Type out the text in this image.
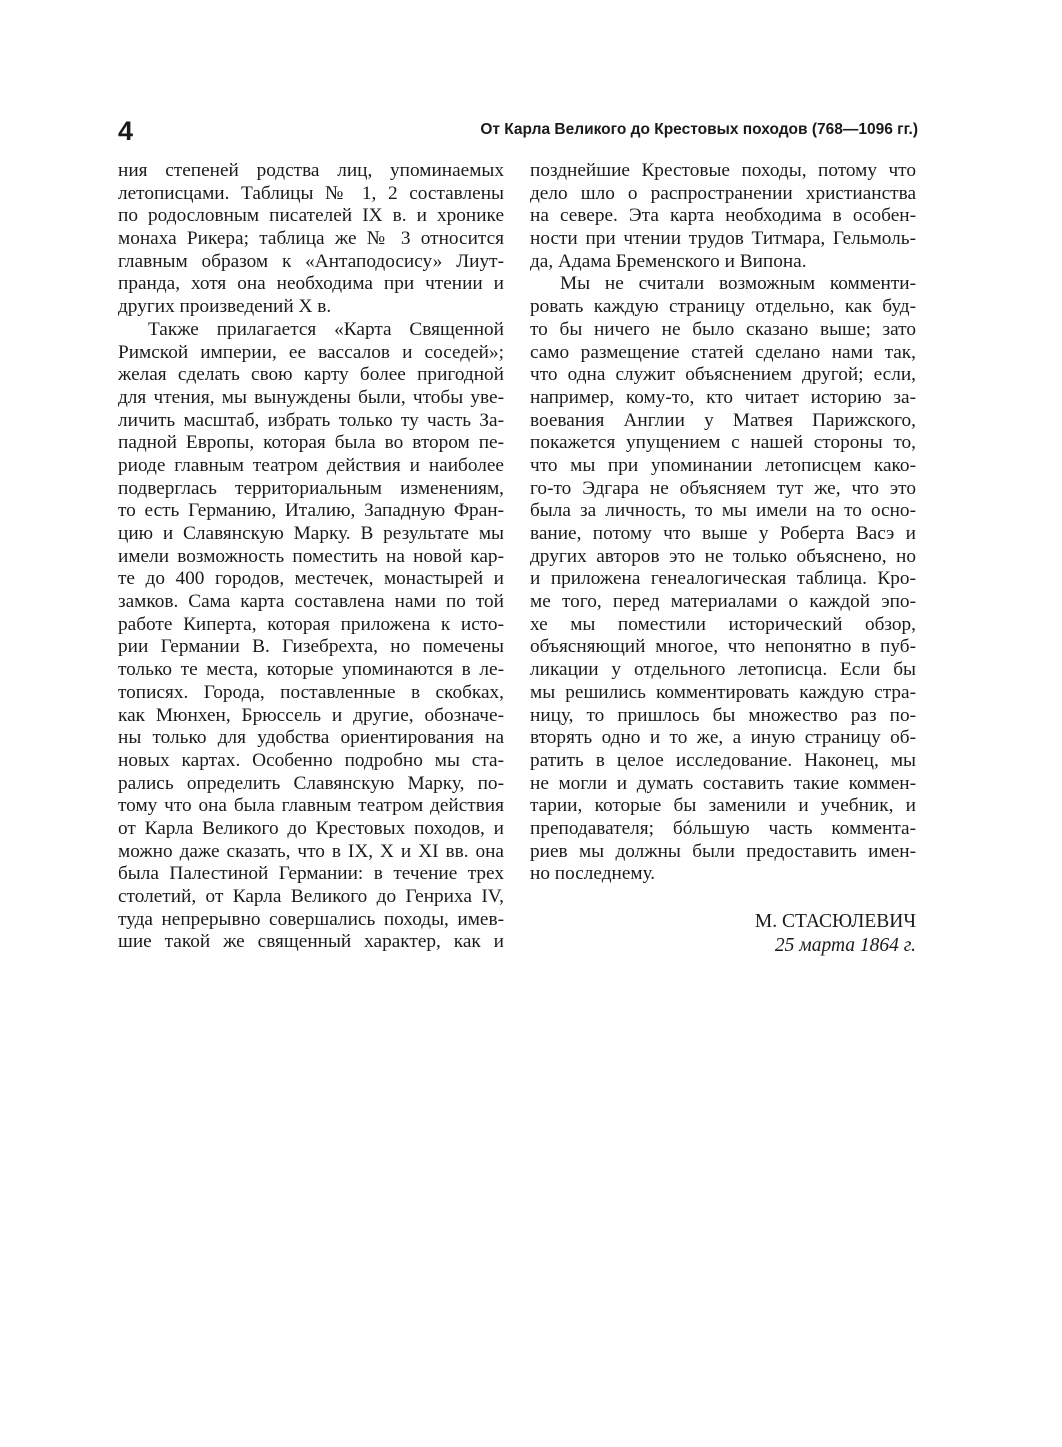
4	От Карла Великого до Крестовых походов (768—1096 гг.)
ния степеней родства лиц, упоминаемых
летописцами. Таблицы № 1, 2 составлены
по родословным писателей IX в. и хронике
монаха Рикера; таблица же № 3 относится
главным образом к «Антаподосису» Лиут-
пранда, хотя она необходима при чтении и
других произведений X в.
Также прилагается «Карта Священной
Римской империи, ее вассалов и соседей»;
желая сделать свою карту более пригодной
для чтения, мы вынуждены были, чтобы уве-
личить масштаб, избрать только ту часть За-
падной Европы, которая была во втором пе-
риоде главным театром действия и наиболее
подверглась территориальным изменениям,
то есть Германию, Италию, Западную Фран-
цию и Славянскую Марку. В результате мы
имели возможность поместить на новой кар-
те до 400 городов, местечек, монастырей и
замков. Сама карта составлена нами по той
работе Киперта, которая приложена к исто-
рии Германии В. Гизебрехта, но помечены
только те места, которые упоминаются в ле-
тописях. Города, поставленные в скобках,
как Мюнхен, Брюссель и другие, обозначе-
ны только для удобства ориентирования на
новых картах. Особенно подробно мы ста-
рались определить Славянскую Марку, по-
тому что она была главным театром действия
от Карла Великого до Крестовых походов, и
можно даже сказать, что в IX, X и XI вв. она
была Палестиной Германии: в течение трех
столетий, от Карла Великого до Генриха IV,
туда непрерывно совершались походы, имев-
шие такой же священный характер, как и
позднейшие Крестовые походы, потому что
дело шло о распространении христианства
на севере. Эта карта необходима в особен-
ности при чтении трудов Титмара, Гельмоль-
да, Адама Бременского и Випона.
Мы не считали возможным комменти-
ровать каждую страницу отдельно, как буд-
то бы ничего не было сказано выше; зато
само размещение статей сделано нами так,
что одна служит объяснением другой; если,
например, кому-то, кто читает историю за-
воевания Англии у Матвея Парижского,
покажется упущением с нашей стороны то,
что мы при упоминании летописцем како-
го-то Эдгара не объясняем тут же, что это
была за личность, то мы имели на то осно-
вание, потому что выше у Роберта Васэ и
других авторов это не только объяснено, но
и приложена генеалогическая таблица. Кро-
ме того, перед материалами о каждой эпо-
хе мы поместили исторический обзор,
объясняющий многое, что непонятно в пуб-
ликации у отдельного летописца. Если бы
мы решились комментировать каждую стра-
ницу, то пришлось бы множество раз по-
вторять одно и то же, а иную страницу об-
ратить в целое исследование. Наконец, мы
не могли и думать составить такие коммен-
тарии, которые бы заменили и учебник, и
преподавателя; бóльшую часть коммента-
риев мы должны были предоставить имен-
но последнему.
М. СТАСЮЛЕВИЧ
25 марта 1864 г.
